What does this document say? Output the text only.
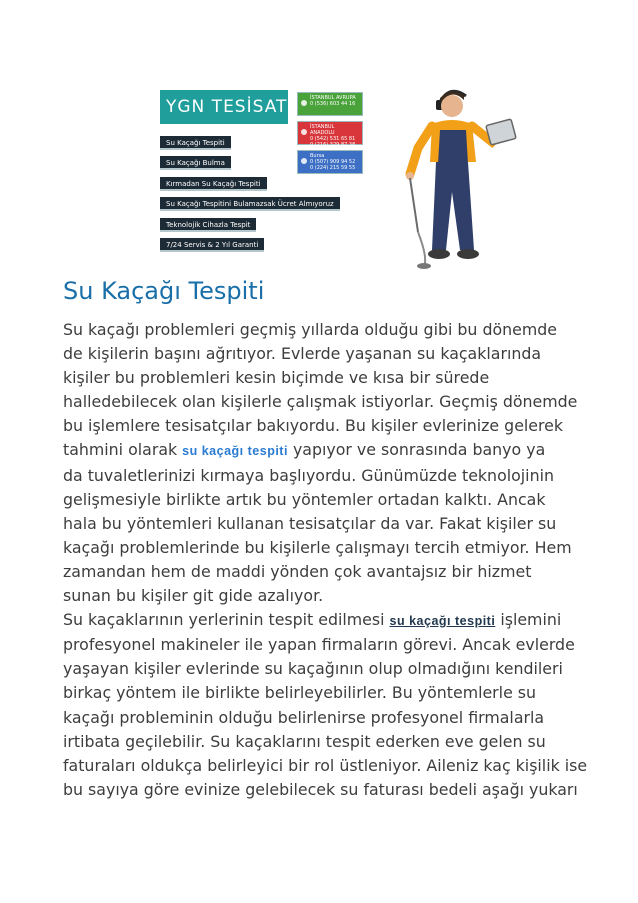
YGN TESİSAT
Su Kaçağı Tespiti
Su Kaçağı Bulma
Kırmadan Su Kaçağı Tespiti
Su Kaçağı Tespitini Bulamazsak Ücret Almıyoruz
Teknolojik Cihazla Tespit
7/24 Servis & 2 Yıl Garanti
İSTANBUL AVRUPA
0 (536) 603 44 16
İSTANBUL ANADOLU
0 (542) 531 65 81
0 (216) 329 87 38
Bursa
0 (507) 909 94 52
0 (224) 215 59 55
Su Kaçağı Tespiti
Su kaçağı problemleri geçmiş yıllarda olduğu gibi bu dönemde
de kişilerin başını ağrıtıyor. Evlerde yaşanan su kaçaklarında
kişiler bu problemleri kesin biçimde ve kısa bir sürede
halledebilecek olan kişilerle çalışmak istiyorlar. Geçmiş dönemde
bu işlemlere tesisatçılar bakıyordu. Bu kişiler evlerinize gelerek
tahmini olarak su kaçağı tespiti yapıyor ve sonrasında banyo ya
da tuvaletlerinizi kırmaya başlıyordu. Günümüzde teknolojinin
gelişmesiyle birlikte artık bu yöntemler ortadan kalktı. Ancak
hala bu yöntemleri kullanan tesisatçılar da var. Fakat kişiler su
kaçağı problemlerinde bu kişilerle çalışmayı tercih etmiyor. Hem
zamandan hem de maddi yönden çok avantajsız bir hizmet
sunan bu kişiler git gide azalıyor.
Su kaçaklarının yerlerinin tespit edilmesi su kaçağı tespiti işlemini
profesyonel makineler ile yapan firmaların görevi. Ancak evlerde
yaşayan kişiler evlerinde su kaçağının olup olmadığını kendileri
birkaç yöntem ile birlikte belirleyebilirler. Bu yöntemlerle su
kaçağı probleminin olduğu belirlenirse profesyonel firmalarla
irtibata geçilebilir. Su kaçaklarını tespit ederken eve gelen su
faturaları oldukça belirleyici bir rol üstleniyor. Aileniz kaç kişilik ise
bu sayıya göre evinize gelebilecek su faturası bedeli aşağı yukarı
